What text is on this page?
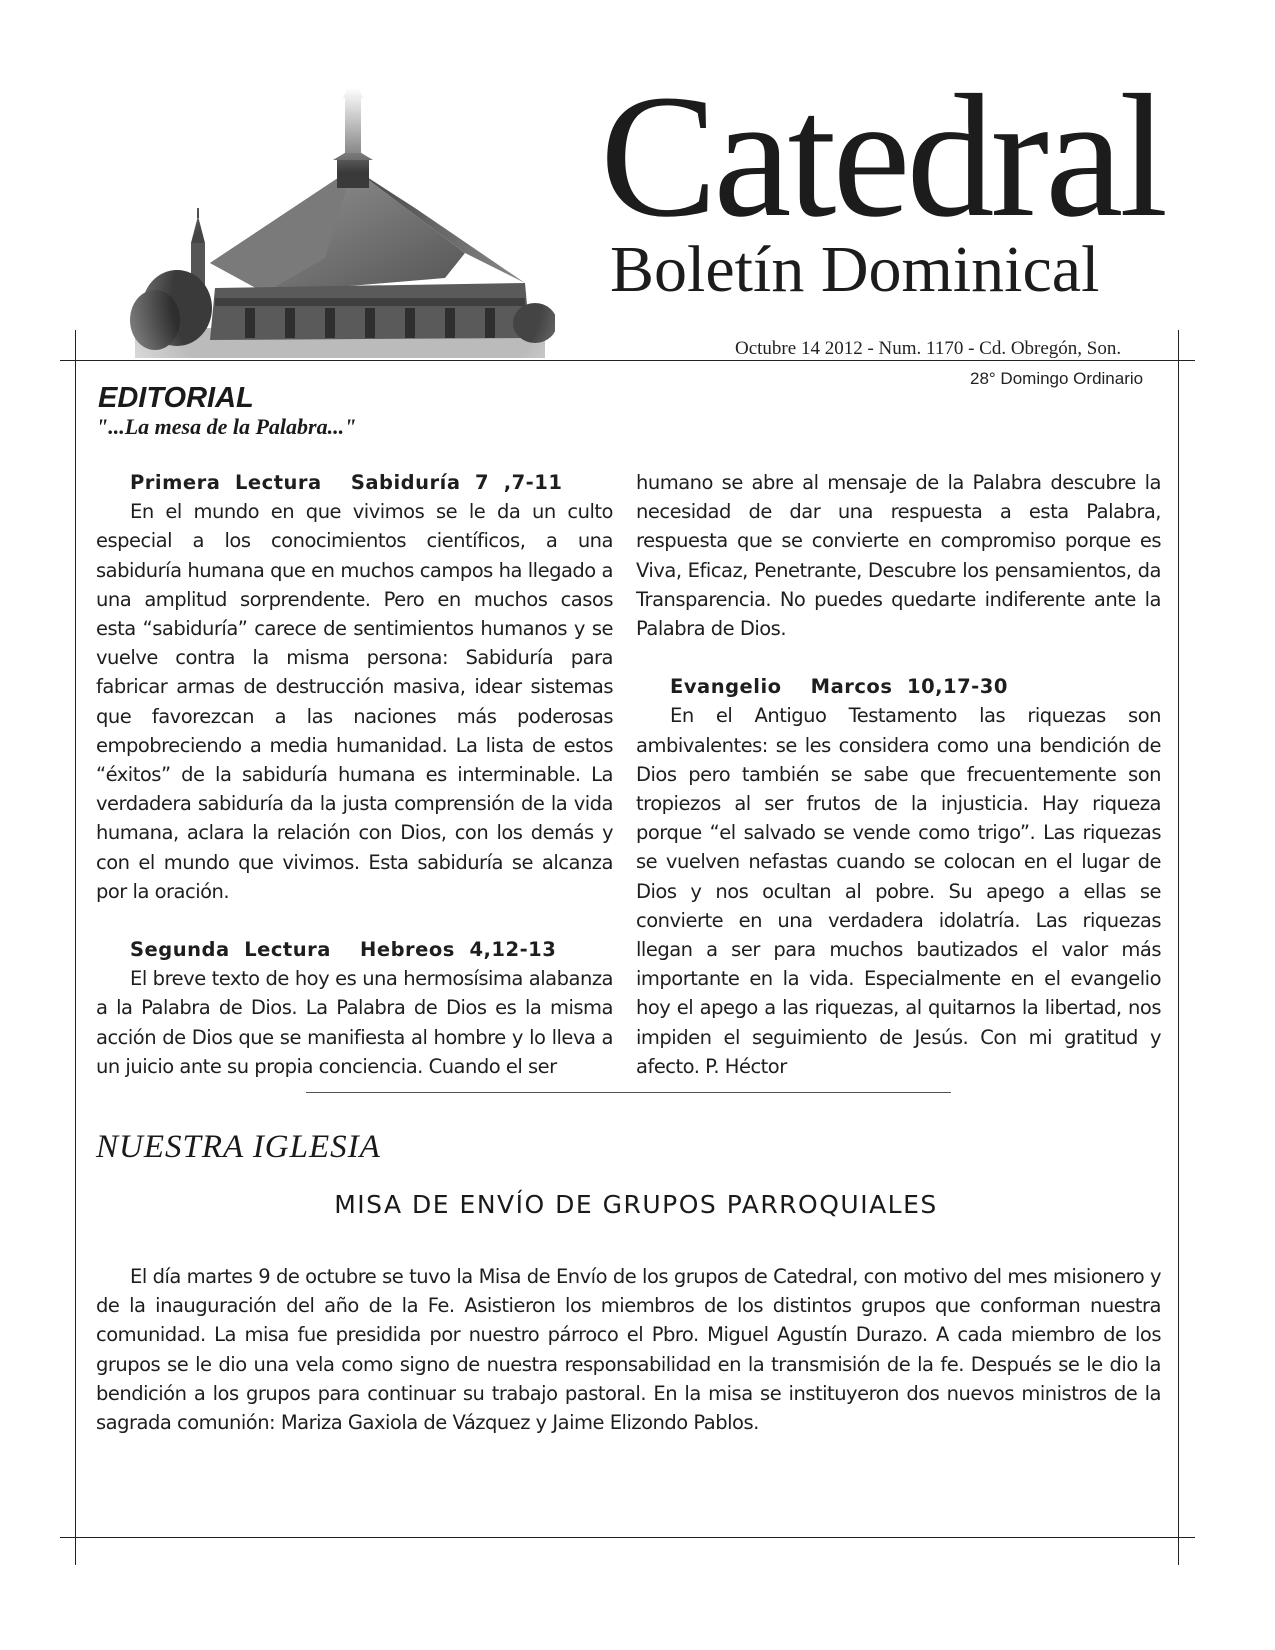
Catedral
Boletín Dominical
Octubre 14 2012 - Num. 1170 - Cd. Obregón, Son.
28° Domingo Ordinario
EDITORIAL
"...La mesa de la Palabra..."
Primera  Lectura    Sabiduría  7  ,7-11

En el mundo en que vivimos se le da un culto especial a los conocimientos científicos, a una sabiduría humana que en muchos campos ha llegado a una amplitud sorprendente. Pero en muchos casos esta “sabiduría” carece de sentimientos humanos y se vuelve contra la misma persona: Sabiduría para fabricar armas de destrucción masiva, idear sistemas que favorezcan a las naciones más poderosas empobreciendo a media humanidad. La lista de estos “éxitos” de la sabiduría humana es interminable. La verdadera sabiduría da la justa comprensión de la vida humana, aclara la relación con Dios, con los demás y con el mundo que vivimos. Esta sabiduría se alcanza por la oración.

Segunda  Lectura    Hebreos  4,12-13

El breve texto de hoy es una hermosísima alabanza a la Palabra de Dios. La Palabra de Dios es la misma acción de Dios que se manifiesta al hombre y lo lleva a un juicio ante su propia conciencia. Cuando el ser

humano se abre al mensaje de la Palabra descubre la necesidad de dar una respuesta a esta Palabra, respuesta que se convierte en compromiso porque es Viva, Eficaz, Penetrante, Descubre los pensamientos, da Transparencia. No puedes quedarte indiferente ante la Palabra de Dios.

Evangelio    Marcos  10,17-30

En el Antiguo Testamento las riquezas son ambivalentes: se les considera como una bendición de Dios pero también se sabe que frecuentemente son tropiezos al ser frutos de la injusticia. Hay riqueza porque “el salvado se vende como trigo”. Las riquezas se vuelven nefastas cuando se colocan en el lugar de Dios y nos ocultan al pobre. Su apego a ellas se convierte en una verdadera idolatría. Las riquezas llegan a ser para muchos bautizados el valor más importante en la vida. Especialmente en el evangelio hoy el apego a las riquezas, al quitarnos la libertad, nos impiden el seguimiento de Jesús. Con mi gratitud y afecto. P. Héctor

NUESTRA IGLESIA
MISA DE ENVÍO DE GRUPOS PARROQUIALES

El día martes 9 de octubre se tuvo la Misa de Envío de los grupos de Catedral, con motivo del mes misionero y de la inauguración del año de la Fe. Asistieron los miembros de los distintos grupos que conforman nuestra comunidad. La misa fue presidida por nuestro párroco el Pbro. Miguel Agustín Durazo. A cada miembro de los grupos se le dio una vela como signo de nuestra responsabilidad en la transmisión de la fe. Después se le dio la bendición a los grupos para continuar su trabajo pastoral. En la misa se instituyeron dos nuevos ministros de la sagrada comunión: Mariza Gaxiola de Vázquez y Jaime Elizondo Pablos.
